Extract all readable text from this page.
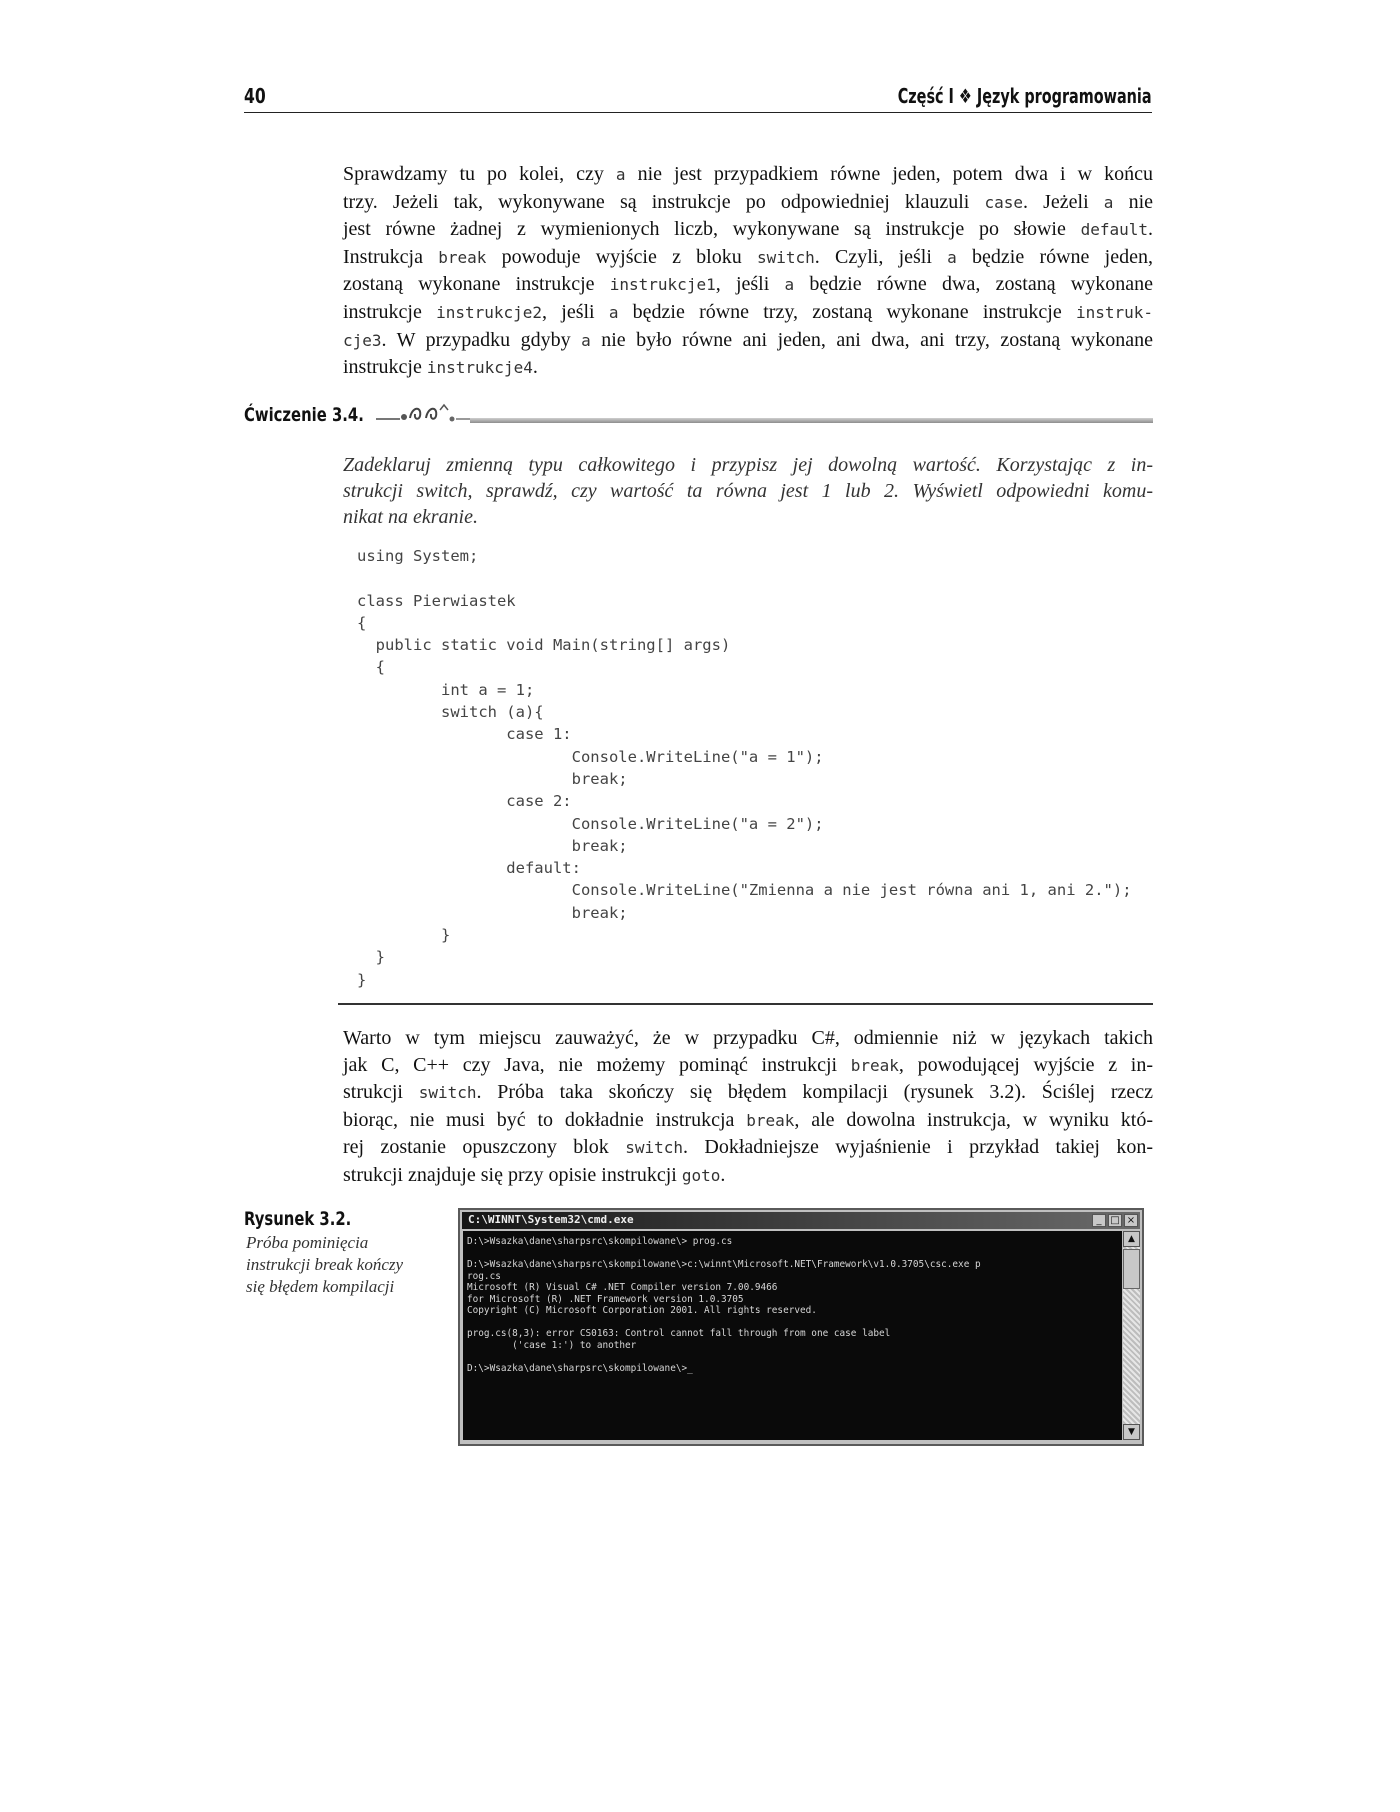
40	Część I ❖ Język programowania
Sprawdzamy tu po kolei, czy a nie jest przypadkiem równe jeden, potem dwa i w końcu
trzy. Jeżeli tak, wykonywane są instrukcje po odpowiedniej klauzuli case. Jeżeli a nie
jest równe żadnej z wymienionych liczb, wykonywane są instrukcje po słowie default.
Instrukcja break powoduje wyjście z bloku switch. Czyli, jeśli a będzie równe jeden,
zostaną wykonane instrukcje instrukcje1, jeśli a będzie równe dwa, zostaną wykonane
instrukcje instrukcje2, jeśli a będzie równe trzy, zostaną wykonane instrukcje instruk-
cje3. W przypadku gdyby a nie było równe ani jeden, ani dwa, ani trzy, zostaną wykonane
instrukcje instrukcje4.
Ćwiczenie 3.4.
Zadeklaruj zmienną typu całkowitego i przypisz jej dowolną wartość. Korzystając z in-
strukcji switch, sprawdź, czy wartość ta równa jest 1 lub 2. Wyświetl odpowiedni komu-
nikat na ekranie.
using System;

class Pierwiastek
{
public static void Main(string[] args)
{
int a = 1;
switch (a){
case 1:
Console.WriteLine("a = 1");
break;
case 2:
Console.WriteLine("a = 2");
break;
default:
Console.WriteLine("Zmienna a nie jest równa ani 1, ani 2.");
break;
}
}
}
Warto w tym miejscu zauważyć, że w przypadku C#, odmiennie niż w językach takich
jak C, C++ czy Java, nie możemy pominąć instrukcji break, powodującej wyjście z in-
strukcji switch. Próba taka skończy się błędem kompilacji (rysunek 3.2). Ściślej rzecz
biorąc, nie musi być to dokładnie instrukcja break, ale dowolna instrukcja, w wyniku któ-
rej zostanie opuszczony blok switch. Dokładniejsze wyjaśnienie i przykład takiej kon-
strukcji znajduje się przy opisie instrukcji goto.
Rysunek 3.2.
Próba pominięcia
instrukcji break kończy
się błędem kompilacji
C:\WINNT\System32\cmd.exe	_ □ ×
D:\>Wsazka\dane\sharpsrc\skompilowane\> prog.cs

D:\>Wsazka\dane\sharpsrc\skompilowane\>c:\winnt\Microsoft.NET\Framework\v1.0.3705\csc.exe p
rog.cs
Microsoft (R) Visual C# .NET Compiler version 7.00.9466
for Microsoft (R) .NET Framework version 1.0.3705
Copyright (C) Microsoft Corporation 2001. All rights reserved.

prog.cs(8,3): error CS0163: Control cannot fall through from one case label
('case 1:') to another

D:\>Wsazka\dane\sharpsrc\skompilowane\>_
▲
▼
